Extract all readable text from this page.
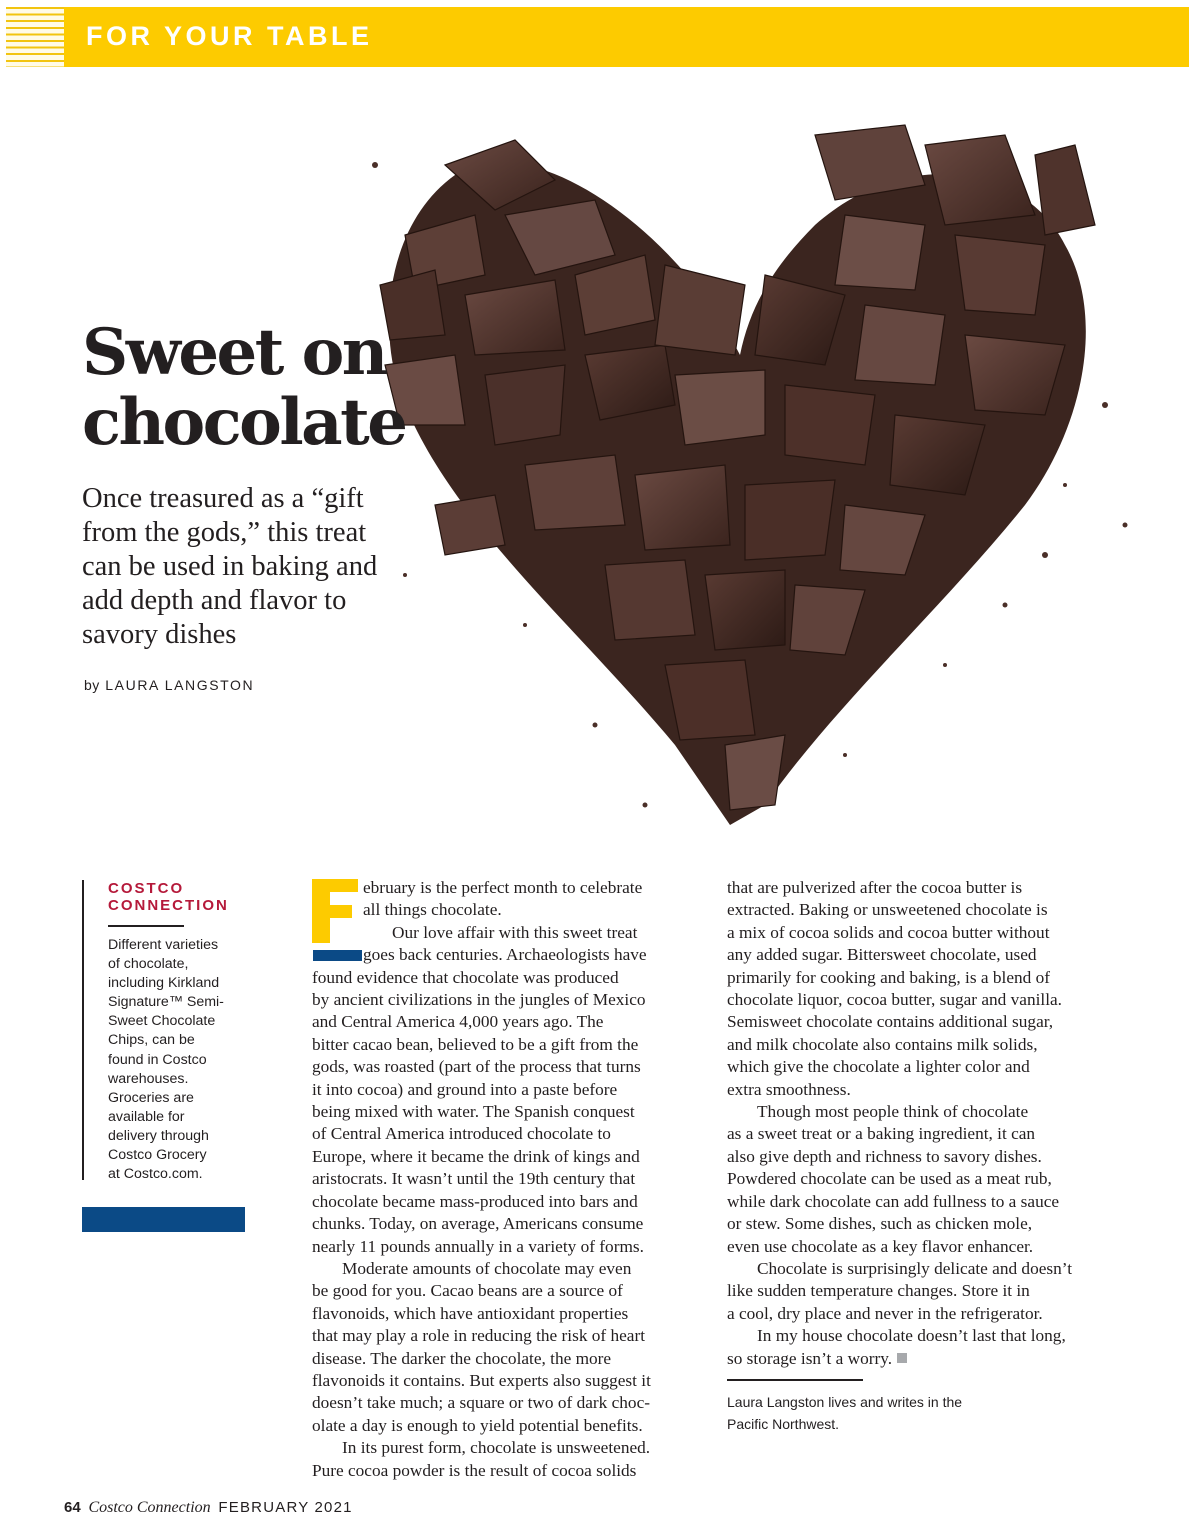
FOR YOUR TABLE
Sweet on
chocolate
Once treasured as a “gift
from the gods,” this treat
can be used in baking and
add depth and flavor to
savory dishes
by LAURA LANGSTON
COSTCO
CONNECTION
Different varieties
of chocolate,
including Kirkland
Signature™ Semi-
Sweet Chocolate
Chips, can be
found in Costco
warehouses.
Groceries are
available for
delivery through
Costco Grocery
at Costco.com.
ebruary is the perfect month to celebrate
all things chocolate.
Our love affair with this sweet treat
goes back centuries. Archaeologists have
found evidence that chocolate was produced
by ancient civilizations in the jungles of Mexico
and Central America 4,000 years ago. The
bitter cacao bean, believed to be a gift from the
gods, was roasted (part of the process that turns
it into cocoa) and ground into a paste before
being mixed with water. The Spanish conquest
of Central America introduced chocolate to
Europe, where it became the drink of kings and
aristocrats. It wasn’t until the 19th century that
chocolate became mass-produced into bars and
chunks. Today, on average, Americans consume
nearly 11 pounds annually in a variety of forms.
Moderate amounts of chocolate may even
be good for you. Cacao beans are a source of
flavonoids, which have antioxidant properties
that may play a role in reducing the risk of heart
disease. The darker the chocolate, the more
flavonoids it contains. But experts also suggest it
doesn’t take much; a square or two of dark choc-
olate a day is enough to yield potential benefits.
In its purest form, chocolate is unsweetened.
Pure cocoa powder is the result of cocoa solids
that are pulverized after the cocoa butter is
extracted. Baking or unsweetened chocolate is
a mix of cocoa solids and cocoa butter without
any added sugar. Bittersweet chocolate, used
primarily for cooking and baking, is a blend of
chocolate liquor, cocoa butter, sugar and vanilla.
Semisweet chocolate contains additional sugar,
and milk chocolate also contains milk solids,
which give the chocolate a lighter color and
extra smoothness.
Though most people think of chocolate
as a sweet treat or a baking ingredient, it can
also give depth and richness to savory dishes.
Powdered chocolate can be used as a meat rub,
while dark chocolate can add fullness to a sauce
or stew. Some dishes, such as chicken mole,
even use chocolate as a key flavor enhancer.
Chocolate is surprisingly delicate and doesn’t
like sudden temperature changes. Store it in
a cool, dry place and never in the refrigerator.
In my house chocolate doesn’t last that long,
so storage isn’t a worry.
Laura Langston lives and writes in the
Pacific Northwest.
64 Costco Connection FEBRUARY 2021
